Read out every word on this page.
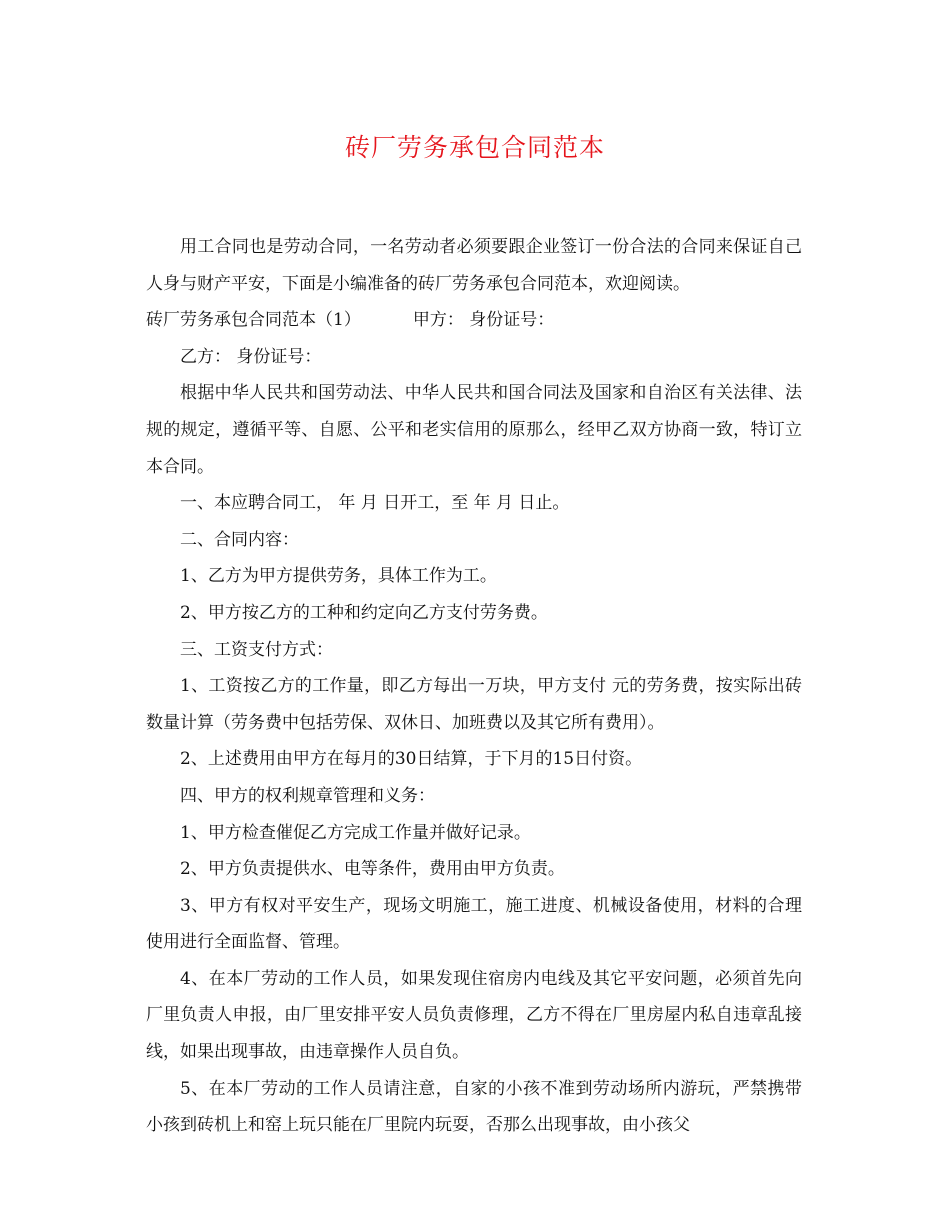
砖厂劳务承包合同范本

用工合同也是劳动合同，一名劳动者必须要跟企业签订一份合法的合同来保证自己人身与财产平安，下面是小编准备的砖厂劳务承包合同范本，欢迎阅读。

砖厂劳务承包合同范本（1）	甲方： 身份证号：

乙方： 身份证号：

根据中华人民共和国劳动法、中华人民共和国合同法及国家和自治区有关法律、法规的规定，遵循平等、自愿、公平和老实信用的原那么，经甲乙双方协商一致，特订立本合同。

一、本应聘合同工， 年 月 日开工，至 年 月 日止。

二、合同内容：

1、乙方为甲方提供劳务，具体工作为工。

2、甲方按乙方的工种和约定向乙方支付劳务费。

三、工资支付方式：

1、工资按乙方的工作量，即乙方每出一万块，甲方支付 元的劳务费，按实际出砖数量计算（劳务费中包括劳保、双休日、加班费以及其它所有费用）。

2、上述费用由甲方在每月的30日结算，于下月的15日付资。

四、甲方的权利规章管理和义务：

1、甲方检查催促乙方完成工作量并做好记录。

2、甲方负责提供水、电等条件，费用由甲方负责。

3、甲方有权对平安生产，现场文明施工，施工进度、机械设备使用，材料的合理使用进行全面监督、管理。

4、在本厂劳动的工作人员，如果发现住宿房内电线及其它平安问题，必须首先向厂里负责人申报，由厂里安排平安人员负责修理，乙方不得在厂里房屋内私自违章乱接线，如果出现事故，由违章操作人员自负。

5、在本厂劳动的工作人员请注意，自家的小孩不准到劳动场所内游玩，严禁携带小孩到砖机上和窑上玩只能在厂里院内玩耍，否那么出现事故，由小孩父
